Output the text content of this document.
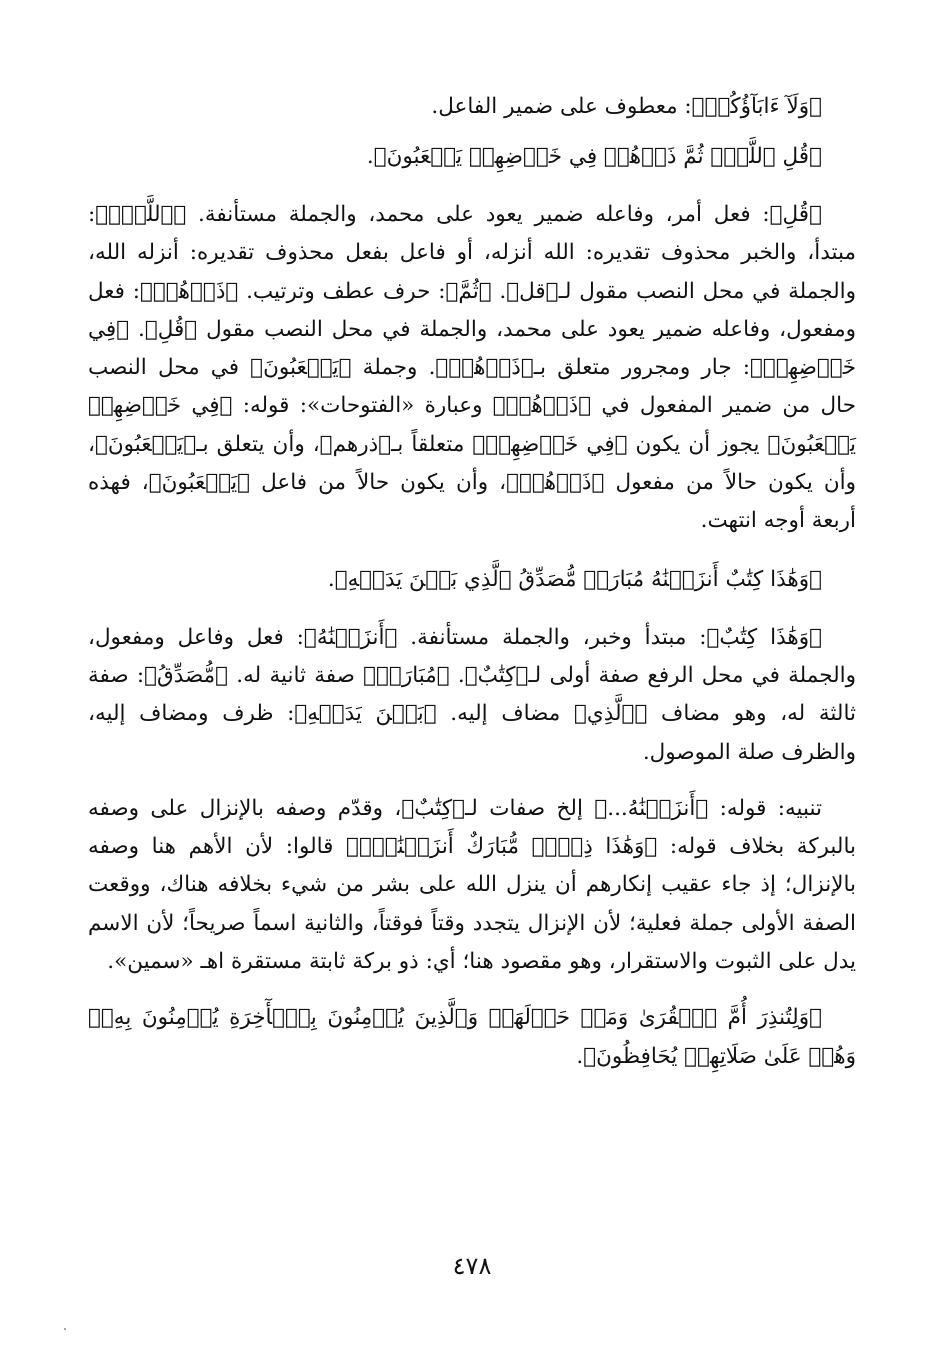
﴿وَلَآ ءَابَآؤُكُمۡ﴾: معطوف على ضمير الفاعل.

﴿قُلِ ٱللَّهُۖ ثُمَّ ذَرۡهُمۡ فِي خَوۡضِهِمۡ يَلۡعَبُونَ﴾.

﴿قُلِ﴾: فعل أمر، وفاعله ضمير يعود على محمد، والجملة مستأنفة. ﴿ٱللَّهُۖ﴾: مبتدأ، والخبر محذوف تقديره: الله أنزله، أو فاعل بفعل محذوف تقديره: أنزله الله، والجملة في محل النصب مقول لـ﴿قل﴾. ﴿ثُمَّ﴾: حرف عطف وترتيب. ﴿ذَرۡهُمۡ﴾: فعل ومفعول، وفاعله ضمير يعود على محمد، والجملة في محل النصب مقول ﴿قُلِ﴾. ﴿فِي خَوۡضِهِمۡ﴾: جار ومجرور متعلق بـ﴿ذَرۡهُمۡ﴾. وجملة ﴿يَلۡعَبُونَ﴾ في محل النصب حال من ضمير المفعول في ﴿ذَرۡهُمۡ﴾ وعبارة «الفتوحات»: قوله: ﴿فِي خَوۡضِهِمۡ يَلۡعَبُونَ﴾ يجوز أن يكون ﴿فِي خَوۡضِهِمۡ﴾ متعلقاً بـ﴿ذرهم﴾، وأن يتعلق بـ﴿يَلۡعَبُونَ﴾، وأن يكون حالاً من مفعول ﴿ذَرۡهُمۡ﴾، وأن يكون حالاً من فاعل ﴿يَلۡعَبُونَ﴾، فهذه أربعة أوجه انتهت.

﴿وَهَٰذَا كِتَٰبٌ أَنزَلۡنَٰهُ مُبَارَكٞ مُّصَدِّقُ ٱلَّذِي بَيۡنَ يَدَيۡهِ﴾.

﴿وَهَٰذَا كِتَٰبٌ﴾: مبتدأ وخبر، والجملة مستأنفة. ﴿أَنزَلۡنَٰهُ﴾: فعل وفاعل ومفعول، والجملة في محل الرفع صفة أولى لـ﴿كِتَٰبٌ﴾. ﴿مُبَارَكٞ﴾ صفة ثانية له. ﴿مُّصَدِّقُ﴾: صفة ثالثة له، وهو مضاف ﴿ٱلَّذِي﴾ مضاف إليه. ﴿بَيۡنَ يَدَيۡهِ﴾: ظرف ومضاف إليه، والظرف صلة الموصول.

تنبيه: قوله: ﴿أَنزَلۡنَٰهُ...﴾ إلخ صفات لـ﴿كِتَٰبٌ﴾، وقدّم وصفه بالإنزال على وصفه بالبركة بخلاف قوله: ﴿وَهَٰذَا ذِكۡرٞ مُّبَارَكٌ أَنزَلۡنَٰهُۚ﴾ قالوا: لأن الأهم هنا وصفه بالإنزال؛ إذ جاء عقيب إنكارهم أن ينزل الله على بشر من شيء بخلافه هناك، ووقعت الصفة الأولى جملة فعلية؛ لأن الإنزال يتجدد وقتاً فوقتاً، والثانية اسماً صريحاً؛ لأن الاسم يدل على الثبوت والاستقرار، وهو مقصود هنا؛ أي: ذو بركة ثابتة مستقرة اهـ «سمين».

﴿وَلِتُنذِرَ أُمَّ ٱلۡقُرَىٰ وَمَنۡ حَوۡلَهَاۚ وَٱلَّذِينَ يُؤۡمِنُونَ بِٱلۡأٓخِرَةِ يُؤۡمِنُونَ بِهِۦۖ وَهُمۡ عَلَىٰ صَلَاتِهِمۡ يُحَافِظُونَ﴾.

٤٧٨
